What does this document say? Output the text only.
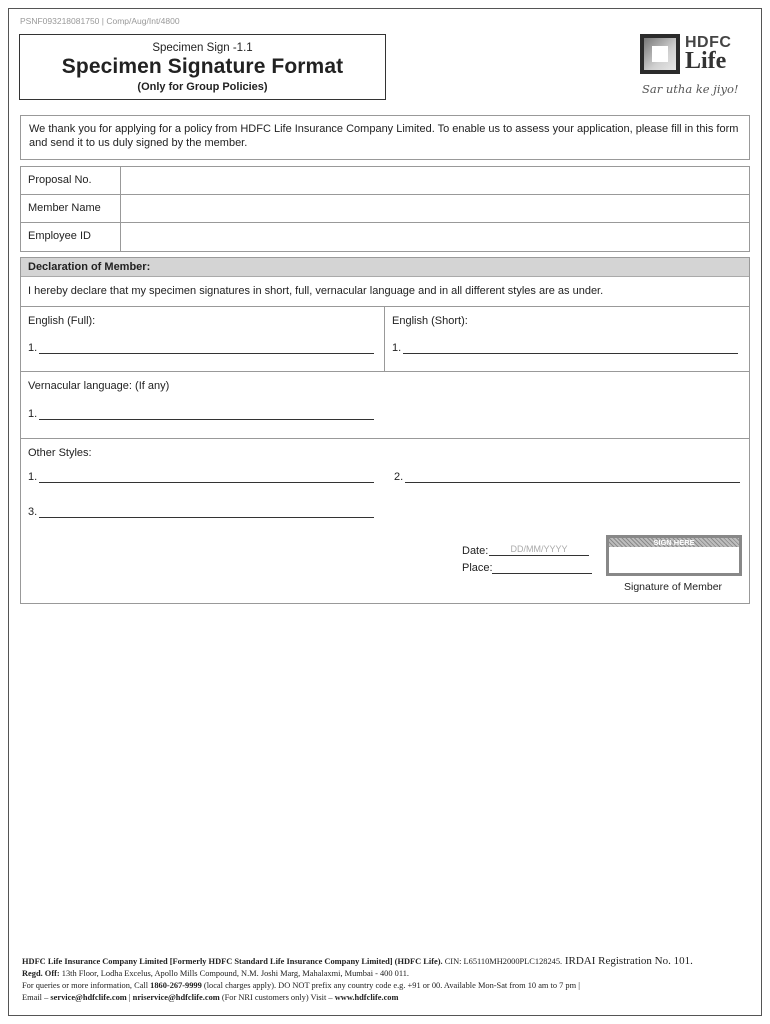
PSNF093218081750 | Comp/Aug/Int/4800
Specimen Sign -1.1
Specimen Signature Format
(Only for Group Policies)
HDFC
Life
Sar utha ke jiyo!
We thank you for applying for a policy from HDFC Life Insurance Company Limited. To enable us to assess your application, please fill in this form and send it to us duly signed by the member.
Proposal No.
Member Name
Employee ID
Declaration of Member:
I hereby declare that my specimen signatures in short, full, vernacular language and in all different styles are as under.
English (Full):
1.
English (Short):
1.
Vernacular language: (If any)
1.
Other Styles:
1.	2.
3.
Date:	DD/MM/YYYY
Place:
SIGN HERE
Signature of Member
HDFC Life Insurance Company Limited [Formerly HDFC Standard Life Insurance Company Limited] (HDFC Life). CIN: L65110MH2000PLC128245. IRDAI Registration No. 101.
Regd. Off: 13th Floor, Lodha Excelus, Apollo Mills Compound, N.M. Joshi Marg, Mahalaxmi, Mumbai - 400 011.
For queries or more information, Call 1860-267-9999 (local charges apply). DO NOT prefix any country code e.g. +91 or 00. Available Mon-Sat from 10 am to 7 pm |
Email – service@hdfclife.com | nriservice@hdfclife.com (For NRI customers only) Visit – www.hdfclife.com
